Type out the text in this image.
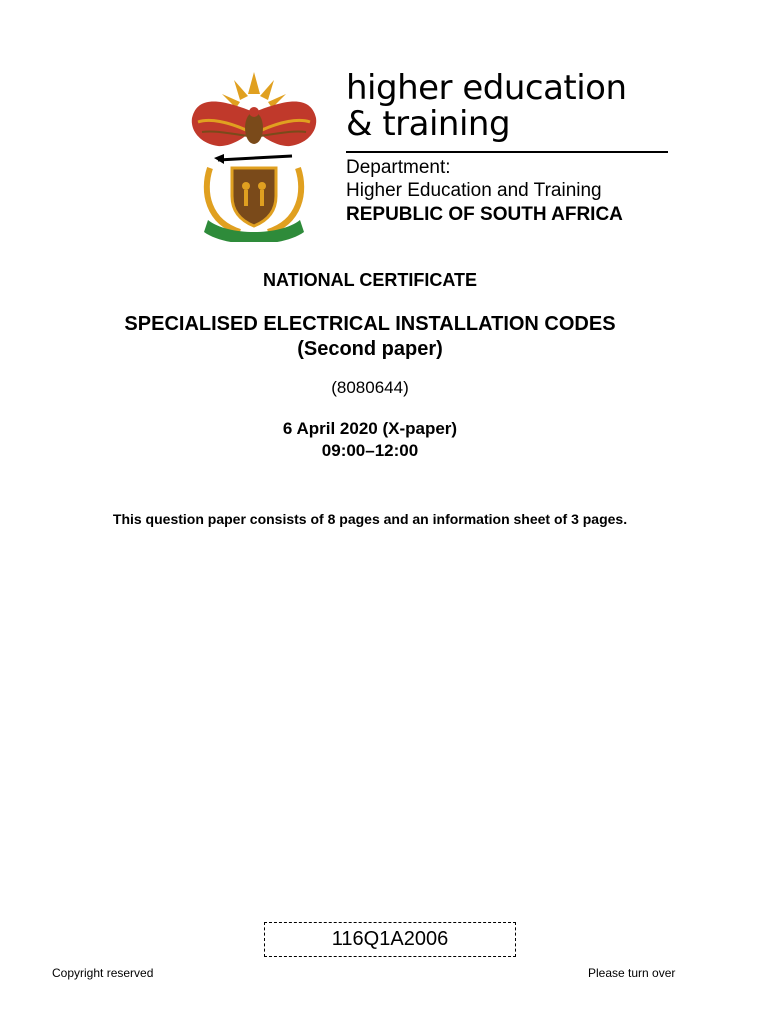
higher education
& training
Department:
Higher Education and Training
REPUBLIC OF SOUTH AFRICA
NATIONAL CERTIFICATE
SPECIALISED ELECTRICAL INSTALLATION CODES
(Second paper)
(8080644)
6 April 2020 (X-paper)
09:00–12:00
This question paper consists of 8 pages and an information sheet of 3 pages.
116Q1A2006
Copyright reserved	Please turn over
